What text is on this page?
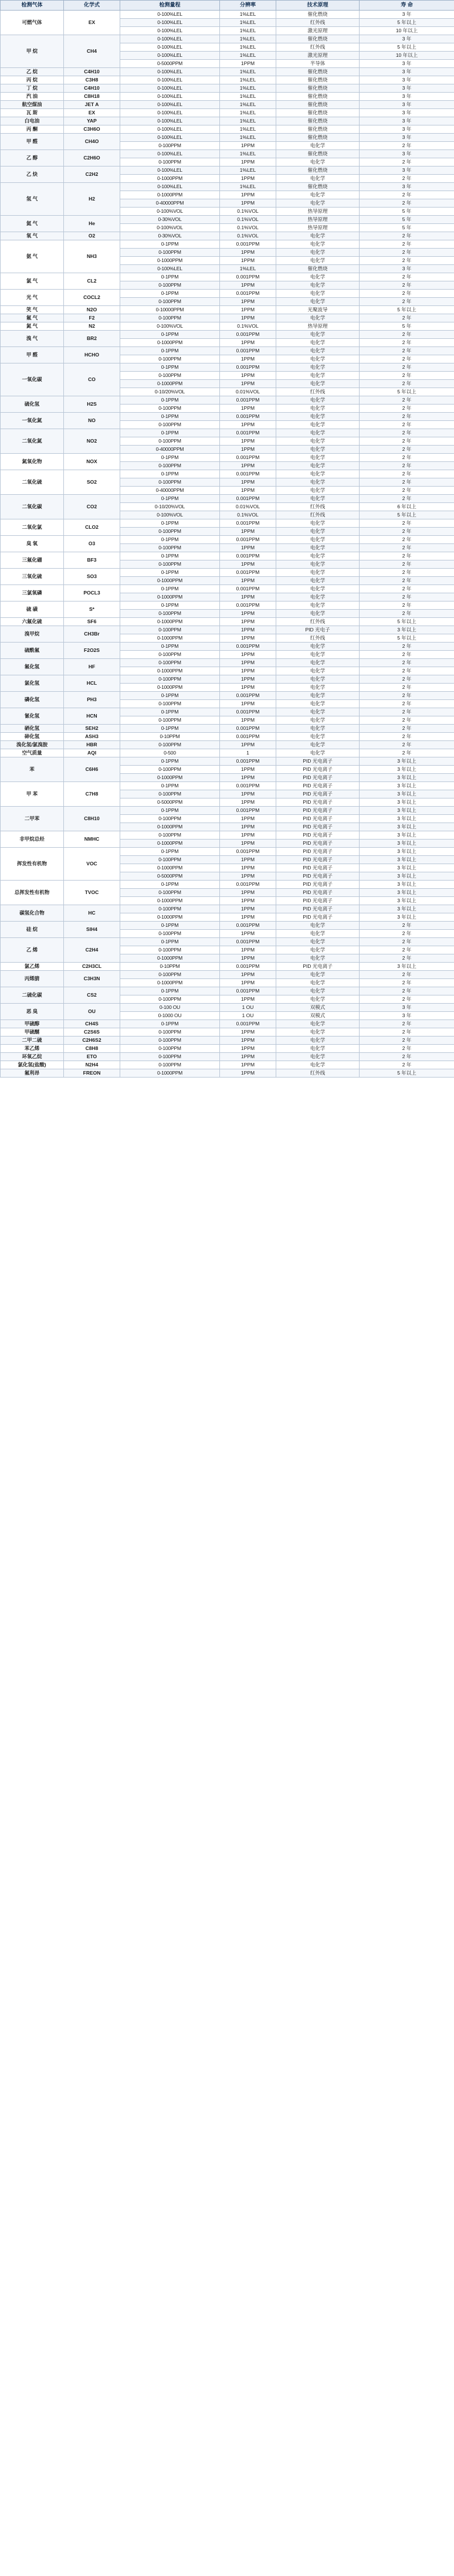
检测气体	化学式	检测量程	分辨率	技术原理	寿 命
可燃气体	EX	0-100%LEL	1%LEL	催化燃烧	3 年
		0-100%LEL	1%LEL	红外线	5 年以上
		0-100%LEL	1%LEL	激光原理	10 年以上
甲 烷	CH4	0-100%LEL	1%LEL	催化燃烧	3 年
		0-100%LEL	1%LEL	红外线	5 年以上
		0-100%LEL	1%LEL	激光原理	10 年以上
		0-5000PPM	1PPM	半导体	3 年
乙 烷	C4H10	0-100%LEL	1%LEL	催化燃烧	3 年
丙 烷	C3H8	0-100%LEL	1%LEL	催化燃烧	3 年
丁 烷	C4H10	0-100%LEL	1%LEL	催化燃烧	3 年
汽 油	C8H18	0-100%LEL	1%LEL	催化燃烧	3 年
航空煤油	JET A	0-100%LEL	1%LEL	催化燃烧	3 年
瓦 斯	EX	0-100%LEL	1%LEL	催化燃烧	3 年
白电油	YAP	0-100%LEL	1%LEL	催化燃烧	3 年
丙 酮	C3H6O	0-100%LEL	1%LEL	催化燃烧	3 年
甲 醛	CH4O	0-100%LEL	1%LEL	催化燃烧	3 年
		0-100PPM	1PPM	电化学	2 年
乙 醇	C2H6O	0-100%LEL	1%LEL	催化燃烧	3 年
		0-100PPM	1PPM	电化学	2 年
乙 炔	C2H2	0-100%LEL	1%LEL	催化燃烧	3 年
		0-1000PPM	1PPM	电化学	2 年
氢 气	H2	0-100%LEL	1%LEL	催化燃烧	3 年
		0-1000PPM	1PPM	电化学	2 年
		0-40000PPM	1PPM	电化学	2 年
		0-100%VOL	0.1%VOL	热导原理	5 年
氦 气	He	0-30%VOL	0.1%VOL	热导原理	5 年
		0-100%VOL	0.1%VOL	热导原理	5 年
氧 气	O2	0-30%VOL	0.1%VOL	电化学	2 年
氨 气	NH3	0-1PPM	0.001PPM	电化学	2 年
		0-100PPM	1PPM	电化学	2 年
		0-1000PPM	1PPM	电化学	2 年
		0-100%LEL	1%LEL	催化燃烧	3 年
氯 气	CL2	0-1PPM	0.001PPM	电化学	2 年
		0-100PPM	1PPM	电化学	2 年
光 气	COCL2	0-1PPM	0.001PPM	电化学	2 年
		0-100PPM	1PPM	电化学	2 年
笑 气	N2O	0-10000PPM	1PPM	光聚波导	5 年以上
氟 气	F2	0-100PPM	1PPM	电化学	2 年
氮 气	N2	0-100%VOL	0.1%VOL	热导原理	5 年
溴 气	BR2	0-1PPM	0.001PPM	电化学	2 年
		0-1000PPM	1PPM	电化学	2 年
甲 醛	HCHO	0-1PPM	0.001PPM	电化学	2 年
		0-100PPM	1PPM	电化学	2 年
一氧化碳	CO	0-1PPM	0.001PPM	电化学	2 年
		0-100PPM	1PPM	电化学	2 年
		0-1000PPM	1PPM	电化学	2 年
		0-10/20%VOL	0.01%VOL	红外线	5 年以上
硫化氢	H2S	0-1PPM	0.001PPM	电化学	2 年
		0-100PPM	1PPM	电化学	2 年
一氧化氮	NO	0-1PPM	0.001PPM	电化学	2 年
		0-100PPM	1PPM	电化学	2 年
二氧化氮	NO2	0-1PPM	0.001PPM	电化学	2 年
		0-100PPM	1PPM	电化学	2 年
		0-40000PPM	1PPM	电化学	2 年
氮氧化物	NOX	0-1PPM	0.001PPM	电化学	2 年
		0-100PPM	1PPM	电化学	2 年
二氧化硫	SO2	0-1PPM	0.001PPM	电化学	2 年
		0-100PPM	1PPM	电化学	2 年
		0-40000PPM	1PPM	电化学	2 年
二氧化碳	CO2	0-1PPM	0.001PPM	电化学	2 年
		0-10/20%VOL	0.01%VOL	红外线	6 年以上
		0-100%VOL	0.1%VOL	红外线	5 年以上
二氧化氯	CLO2	0-1PPM	0.001PPM	电化学	2 年
		0-100PPM	1PPM	电化学	2 年
臭 氧	O3	0-1PPM	0.001PPM	电化学	2 年
		0-100PPM	1PPM	电化学	2 年
三氟化硼	BF3	0-1PPM	0.001PPM	电化学	2 年
		0-100PPM	1PPM	电化学	2 年
三氧化硫	SO3	0-1PPM	0.001PPM	电化学	2 年
		0-1000PPM	1PPM	电化学	2 年
三氯氧磷	POCL3	0-1PPM	0.001PPM	电化学	2 年
		0-1000PPM	1PPM	电化学	2 年
硫 磺	S*	0-1PPM	0.001PPM	电化学	2 年
		0-100PPM	1PPM	电化学	2 年
六氟化硫	SF6	0-1000PPM	1PPM	红外线	5 年以上
溴甲烷	CH3Br	0-100PPM	1PPM	PID 光电子	3 年以上
		0-1000PPM	1PPM	红外线	5 年以上
硫酰氟	F2O2S	0-1PPM	0.001PPM	电化学	2 年
		0-100PPM	1PPM	电化学	2 年
氟化氢	HF	0-100PPM	1PPM	电化学	2 年
		0-1000PPM	1PPM	电化学	2 年
氯化氢	HCL	0-100PPM	1PPM	电化学	2 年
		0-1000PPM	1PPM	电化学	2 年
磷化氢	PH3	0-1PPM	0.001PPM	电化学	2 年
		0-100PPM	1PPM	电化学	2 年
氰化氢	HCN	0-1PPM	0.001PPM	电化学	2 年
		0-100PPM	1PPM	电化学	2 年
硒化氢	SEH2	0-1PPM	0.001PPM	电化学	2 年
砷化氢	ASH3	0-10PPM	0.001PPM	电化学	2 年
溴化氢/氯溴胺	HBR	0-100PPM	1PPM	电化学	2 年
空气质量	AQI	0-500	1	电化学	2 年
苯	C6H6	0-1PPM	0.001PPM	PID 光电离子	3 年以上
		0-100PPM	1PPM	PID 光电离子	3 年以上
		0-1000PPM	1PPM	PID 光电离子	3 年以上
甲 苯	C7H8	0-1PPM	0.001PPM	PID 光电离子	3 年以上
		0-100PPM	1PPM	PID 光电离子	3 年以上
		0-5000PPM	1PPM	PID 光电离子	3 年以上
二甲苯	C8H10	0-1PPM	0.001PPM	PID 光电离子	3 年以上
		0-100PPM	1PPM	PID 光电离子	3 年以上
		0-1000PPM	1PPM	PID 光电离子	3 年以上
非甲烷总烃	NMHC	0-100PPM	1PPM	PID 光电离子	3 年以上
		0-1000PPM	1PPM	PID 光电离子	3 年以上
挥发性有机物	VOC	0-1PPM	0.001PPM	PID 光电离子	3 年以上
		0-100PPM	1PPM	PID 光电离子	3 年以上
		0-1000PPM	1PPM	PID 光电离子	3 年以上
		0-5000PPM	1PPM	PID 光电离子	3 年以上
总挥发性有机物	TVOC	0-1PPM	0.001PPM	PID 光电离子	3 年以上
		0-100PPM	1PPM	PID 光电离子	3 年以上
		0-1000PPM	1PPM	PID 光电离子	3 年以上
碳氢化合物	HC	0-100PPM	1PPM	PID 光电离子	3 年以上
		0-1000PPM	1PPM	PID 光电离子	3 年以上
硅 烷	SIH4	0-1PPM	0.001PPM	电化学	2 年
		0-100PPM	1PPM	电化学	2 年
乙 烯	C2H4	0-1PPM	0.001PPM	电化学	2 年
		0-100PPM	1PPM	电化学	2 年
		0-1000PPM	1PPM	电化学	2 年
氯乙烯	C2H3CL	0-10PPM	0.001PPM	PID 光电离子	3 年以上
丙烯腈	C3H3N	0-100PPM	1PPM	电化学	2 年
		0-1000PPM	1PPM	电化学	2 年
二硫化碳	CS2	0-1PPM	0.001PPM	电化学	2 年
		0-100PPM	1PPM	电化学	2 年
恶 臭	OU	0-100 OU	1 OU	双模式	3 年
		0-1000 OU	1 OU	双模式	3 年
甲硫醇	CH4S	0-1PPM	0.001PPM	电化学	2 年
甲硫醚	C2S6S	0-100PPM	1PPM	电化学	2 年
二甲二硫	C2H6S2	0-100PPM	1PPM	电化学	2 年
苯乙烯	C8H8	0-100PPM	1PPM	电化学	2 年
环氧乙烷	ETO	0-100PPM	1PPM	电化学	2 年
氯化氢(盐酸)	N2H4	0-100PPM	1PPM	电化学	2 年
氟利昂	FREON	0-1000PPM	1PPM	红外线	5 年以上
